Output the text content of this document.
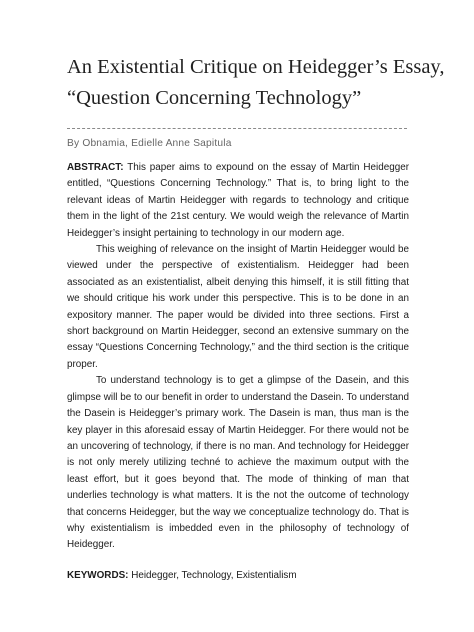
An Existential Critique on Heidegger’s Essay,
“Question Concerning Technology”
By Obnamia, Edielle Anne Sapitula

ABSTRACT: This paper aims to expound on the essay of Martin Heidegger entitled, “Questions Concerning Technology.” That is, to bring light to the relevant ideas of Martin Heidegger with regards to technology and critique them in the light of the 21st century. We would weigh the relevance of Martin Heidegger’s insight pertaining to technology in our modern age.

This weighing of relevance on the insight of Martin Heidegger would be viewed under the perspective of existentialism. Heidegger had been associated as an existentialist, albeit denying this himself, it is still fitting that we should critique his work under this perspective. This is to be done in an expository manner. The paper would be divided into three sections. First a short background on Martin Heidegger, second an extensive summary on the essay “Questions Concerning Technology,” and the third section is the critique proper.

To understand technology is to get a glimpse of the Dasein, and this glimpse will be to our benefit in order to understand the Dasein. To understand the Dasein is Heidegger’s primary work. The Dasein is man, thus man is the key player in this aforesaid essay of Martin Heidegger. For there would not be an uncovering of technology, if there is no man. And technology for Heidegger is not only merely utilizing techné to achieve the maximum output with the least effort, but it goes beyond that. The mode of thinking of man that underlies technology is what matters. It is the not the outcome of technology that concerns Heidegger, but the way we conceptualize technology do. That is why existentialism is imbedded even in the philosophy of technology of Heidegger.

KEYWORDS: Heidegger, Technology, Existentialism
